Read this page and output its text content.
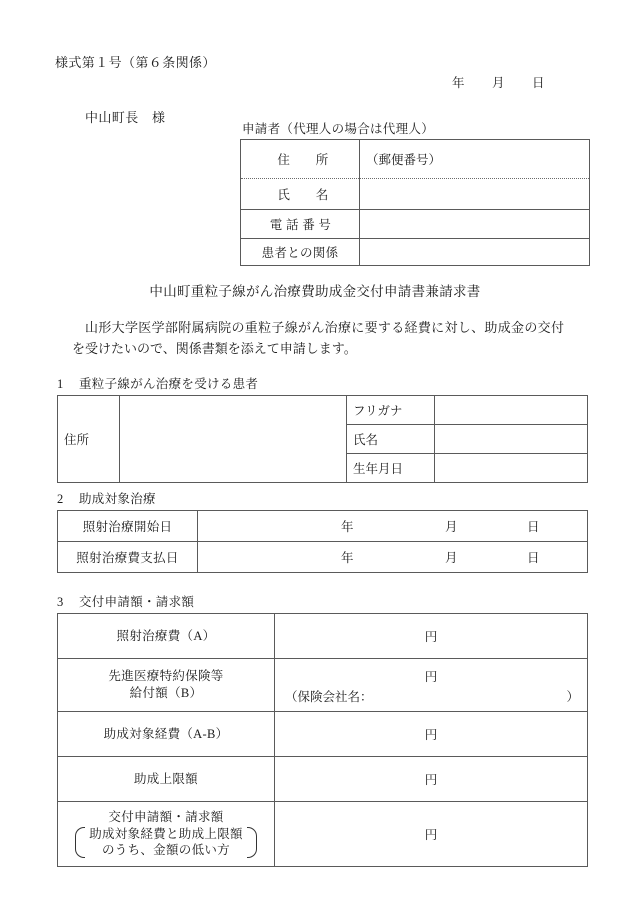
様式第１号（第６条関係）
年 月 日
中山町長　様
申請者（代理人の場合は代理人）
住　　所	（郵便番号）
氏　　名	
電 話 番 号	
患者との関係	
中山町重粒子線がん治療費助成金交付申請書兼請求書
山形大学医学部附属病院の重粒子線がん治療に要する経費に対し、助成金の交付を受けたいので、関係書類を添えて申請します。
1 重粒子線がん治療を受ける患者
住所		フリガナ	
		氏名	
		生年月日	
2 助成対象治療
照射治療開始日	年 月 日

照射治療費支払日	年 月 日
3 交付申請額・請求額
照射治療費（A）	円

先進医療特約保険等
給付額（B）	円
（保険会社名： ）

助成対象経費（A-B）	円

助成上限額	円

交付申請額・請求額
助成対象経費と助成上限額
のうち、金額の低い方	円
